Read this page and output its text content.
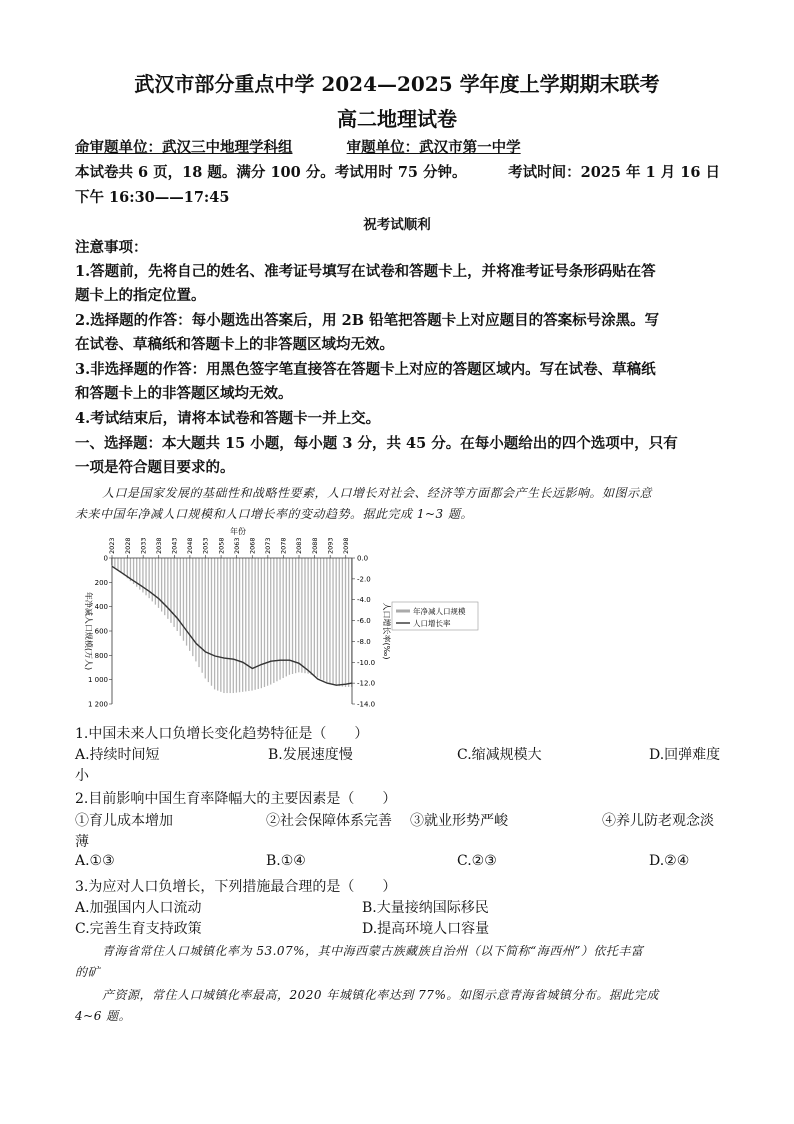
武汉市部分重点中学 2024—2025 学年度上学期期末联考
高二地理试卷
命审题单位：武汉三中地理学科组	审题单位：武汉市第一中学
本试卷共 6 页，18 题。满分 100 分。考试用时 75 分钟。	考试时间：2025 年 1 月 16 日
下午 16:30——17:45
祝考试顺利
注意事项：
1.答题前，先将自己的姓名、准考证号填写在试卷和答题卡上，并将准考证号条形码贴在答
题卡上的指定位置。
2.选择题的作答：每小题选出答案后，用 2B 铅笔把答题卡上对应题目的答案标号涂黑。写
在试卷、草稿纸和答题卡上的非答题区域均无效。
3.非选择题的作答：用黑色签字笔直接答在答题卡上对应的答题区域内。写在试卷、草稿纸
和答题卡上的非答题区域均无效。
4.考试结束后，请将本试卷和答题卡一并上交。
一、选择题：本大题共 15 小题，每小题 3 分，共 45 分。在每小题给出的四个选项中，只有
一项是符合题目要求的。
人口是国家发展的基础性和战略性要素，人口增长对社会、经济等方面都会产生长远影响。如图示意
未来中国年净减人口规模和人口增长率的变动趋势。据此完成 1~3 题。
年份
2023 2028 2033 2038 2043 2048 2053 2058 2063 2068 2073 2078 2083 2088 2093 2098
0
200
400
600
800
1 000
1 200
0.0
-2.0
-4.0
-6.0
-8.0
-10.0
-12.0
-14.0
年净减人口规模(万人)	人口增长率(‰)	年净减人口规模
人口增长率
1.中国未来人口负增长变化趋势特征是（　　）
A.持续时间短	B.发展速度慢	C.缩减规模大	D.回弹难度
小
2.目前影响中国生育率降幅大的主要因素是（　　）
①育儿成本增加	②社会保障体系完善 ③就业形势严峻	④养儿防老观念淡
薄
A.①③	B.①④	C.②③	D.②④
3.为应对人口负增长，下列措施最合理的是（　　）
A.加强国内人口流动	B.大量接纳国际移民
C.完善生育支持政策	D.提高环境人口容量
青海省常住人口城镇化率为 53.07%，其中海西蒙古族藏族自治州（以下简称“海西州”）依托丰富
的矿
产资源，常住人口城镇化率最高，2020 年城镇化率达到 77%。如图示意青海省城镇分布。据此完成
4~6 题。
